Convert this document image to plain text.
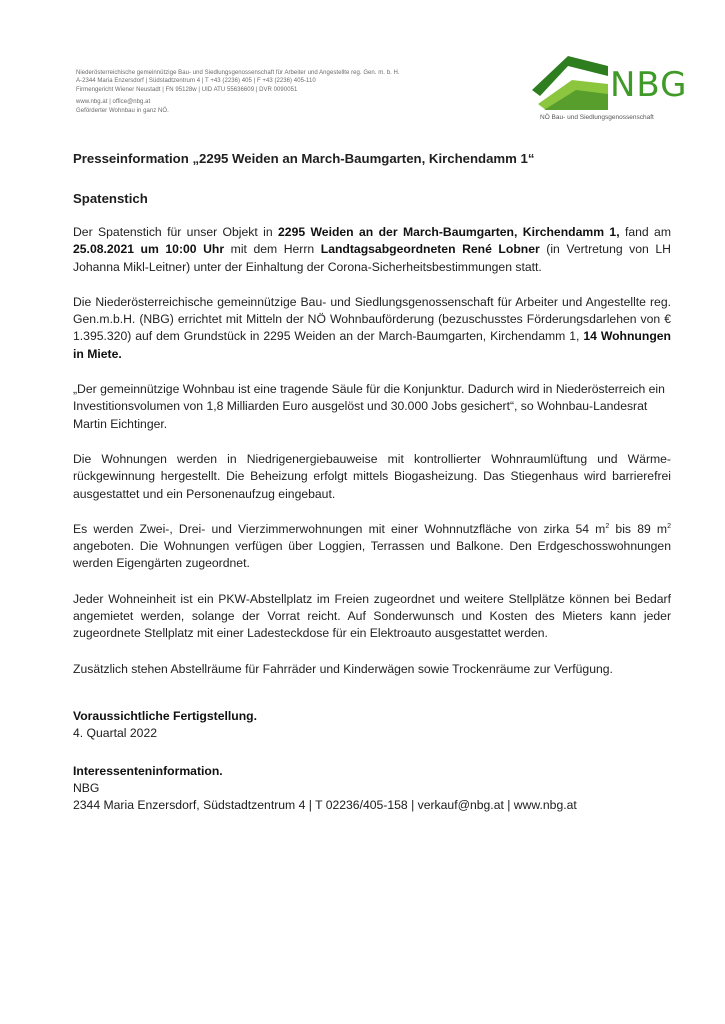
Niederösterreichische gemeinnützige Bau- und Siedlungsgenossenschaft für Arbeiter und Angestellte reg. Gen. m. b. H.
A-2344 Maria Enzersdorf | Südstadtzentrum 4 | T +43 (2236) 405 | F +43 (2236) 405-110
Firmengericht Wiener Neustadt | FN 95128w | UID ATU 55636609 | DVR 0090051
www.nbg.at | office@nbg.at
Geförderter Wohnbau in ganz NÖ.
NBG
NÖ Bau- und Siedlungsgenossenschaft
Presseinformation „2295 Weiden an March-Baumgarten, Kirchendamm 1“
Spatenstich

Der Spatenstich für unser Objekt in 2295 Weiden an der March-Baumgarten, Kirchendamm 1, fand am 25.08.2021 um 10:00 Uhr mit dem Herrn Landtagsabgeordneten René Lobner (in Vertretung von LH Johanna Mikl-Leitner) unter der Einhaltung der Corona-Sicherheitsbestimmungen statt.

Die Niederösterreichische gemeinnützige Bau- und Siedlungsgenossenschaft für Arbeiter und Angestellte reg. Gen.m.b.H. (NBG) errichtet mit Mitteln der NÖ Wohnbauförderung (bezuschusstes Förderungsdarlehen von € 1.395.320) auf dem Grundstück in 2295 Weiden an der March-Baumgarten, Kirchendamm 1, 14 Wohnungen in Miete.

„Der gemeinnützige Wohnbau ist eine tragende Säule für die Konjunktur. Dadurch wird in Niederösterreich ein Investitionsvolumen von 1,8 Milliarden Euro ausgelöst und 30.000 Jobs gesichert“, so Wohnbau-Landesrat Martin Eichtinger.

Die Wohnungen werden in Niedrigenergiebauweise mit kontrollierter Wohnraumlüftung und Wärme-rückgewinnung hergestellt. Die Beheizung erfolgt mittels Biogasheizung. Das Stiegenhaus wird barrierefrei ausgestattet und ein Personenaufzug eingebaut.

Es werden Zwei-, Drei- und Vierzimmerwohnungen mit einer Wohnnutzfläche von zirka 54 $m^2$ bis 89 $m^2$ angeboten. Die Wohnungen verfügen über Loggien, Terrassen und Balkone. Den Erdgeschosswohnungen werden Eigengärten zugeordnet.

Jeder Wohneinheit ist ein PKW-Abstellplatz im Freien zugeordnet und weitere Stellplätze können bei Bedarf angemietet werden, solange der Vorrat reicht. Auf Sonderwunsch und Kosten des Mieters kann jeder zugeordnete Stellplatz mit einer Ladesteckdose für ein Elektroauto ausgestattet werden.

Zusätzlich stehen Abstellräume für Fahrräder und Kinderwägen sowie Trockenräume zur Verfügung.

Voraussichtliche Fertigstellung.
4. Quartal 2022
Interessenteninformation.
NBG
2344 Maria Enzersdorf, Südstadtzentrum 4 | T 02236/405-158 | verkauf@nbg.at | www.nbg.at
